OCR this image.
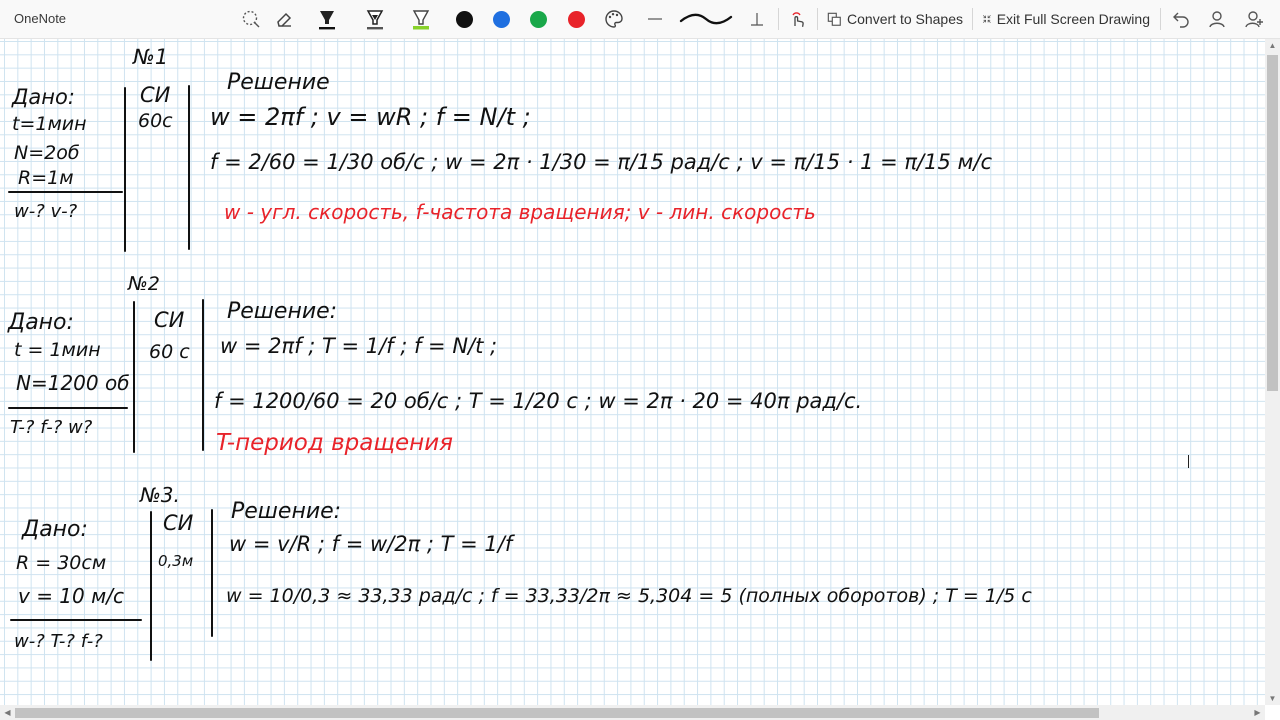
OneNote	Convert to Shapes Exit Full Screen Drawing
№1
Дано:
t=1мин
N=2об
R=1м
w-? v-?
СИ
60с
Решение
w = 2πf ; v = wR ; f = N/t ;
f = 2/60 = 1/30 об/с ; w = 2π · 1/30 = π/15 рад/с ; v = π/15 · 1 = π/15 м/с
w - угл. скорость, f-частота вращения; v - лин. скорость
№2
Дано:
t = 1мин
N=1200 об
T-? f-? w?
СИ
60 с
Решение:
w = 2πf ; T = 1/f ; f = N/t ;
f = 1200/60 = 20 об/с ; T = 1/20 с ; w = 2π · 20 = 40π рад/с.
T-период вращения
№3.
Дано:
R = 30см
v = 10 м/с
w-? T-? f-?
СИ
0,3м
Решение:
w = v/R ; f = w/2π ; T = 1/f
w = 10/0,3 ≈ 33,33 рад/с ; f = 33,33/2π ≈ 5,304 = 5 (полных оборотов) ; T = 1/5 с
▲
▼
◀	▶
